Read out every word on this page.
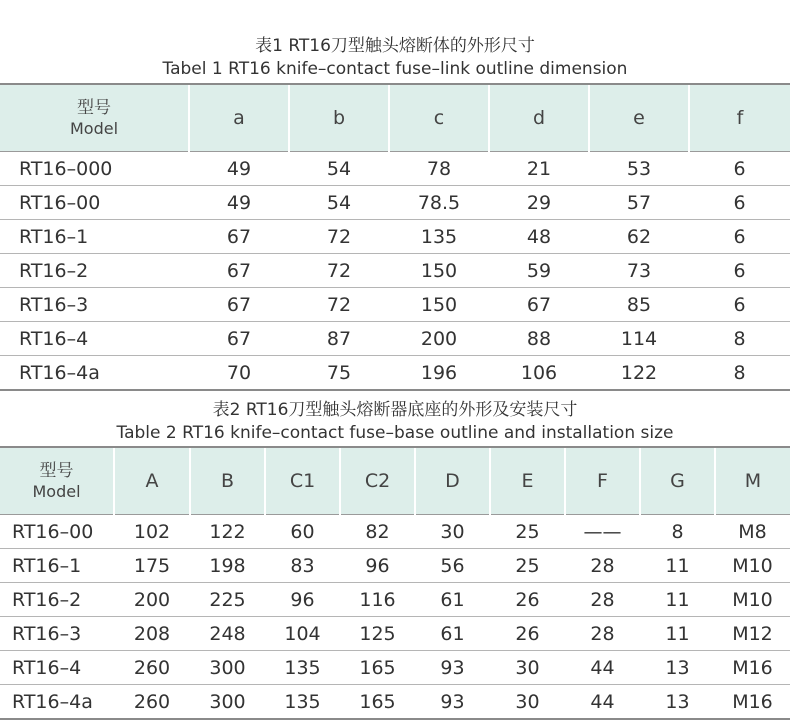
表1 RT16刀型触头熔断体的外形尺寸
Tabel 1 RT16 knife–contact fuse–link outline dimension
型号
Model	a	b	c	d	e	f
RT16–000	49	54	78	21	53	6
RT16–00	49	54	78.5	29	57	6
RT16–1	67	72	135	48	62	6
RT16–2	67	72	150	59	73	6
RT16–3	67	72	150	67	85	6
RT16–4	67	87	200	88	114	8
RT16–4a	70	75	196	106	122	8
表2 RT16刀型触头熔断器底座的外形及安装尺寸
Table 2 RT16 knife–contact fuse–base outline and installation size
型号
Model	A	B	C1	C2	D	E	F	G	M
RT16–00	102	122	60	82	30	25	——	8	M8
RT16–1	175	198	83	96	56	25	28	11	M10
RT16–2	200	225	96	116	61	26	28	11	M10
RT16–3	208	248	104	125	61	26	28	11	M12
RT16–4	260	300	135	165	93	30	44	13	M16
RT16–4a	260	300	135	165	93	30	44	13	M16
